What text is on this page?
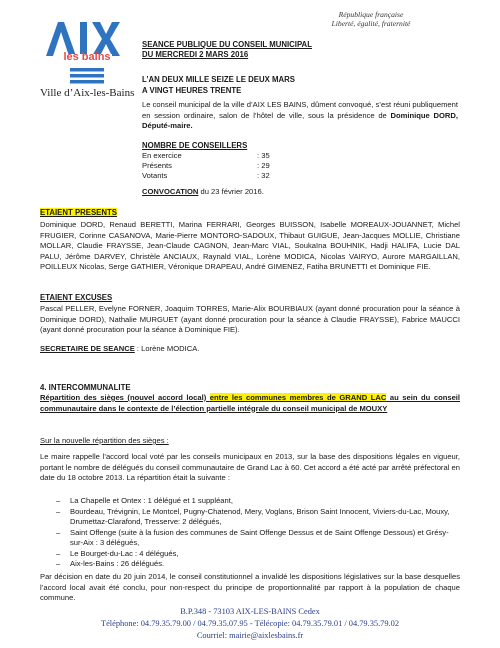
les bains
Ville d’Aix-les-Bains
République française
Liberté, égalité, fraternité
SEANCE PUBLIQUE DU CONSEIL MUNICIPAL
DU MERCREDI 2 MARS 2016
L’AN DEUX MILLE SEIZE LE DEUX MARS
A VINGT HEURES TRENTE
Le conseil municipal de la ville d’AIX LES BAINS, dûment convoqué, s’est réuni publiquement en session ordinaire, salon de l’hôtel de ville, sous la présidence de Dominique DORD, Député-maire.
NOMBRE DE CONSEILLERS
En exercice	: 35
Présents	: 29
Votants	: 32
CONVOCATION du 23 février 2016.
ETAIENT PRESENTS
Dominique DORD, Renaud BERETTI, Marina FERRARI, Georges BUISSON, Isabelle MOREAUX-JOUANNET, Michel FRUGIER, Corinne CASANOVA, Marie-Pierre MONTORO-SADOUX, Thibaut GUIGUE, Jean-Jacques MOLLIE, Christiane MOLLAR, Claudie FRAYSSE, Jean-Claude CAGNON, Jean-Marc VIAL, Soukaïna BOUHNIK, Hadji HALIFA, Lucie DAL PALU, Jérôme DARVEY, Christèle ANCIAUX, Raynald VIAL, Lorène MODICA, Nicolas VAIRYO, Aurore MARGAILLAN, POILLEUX Nicolas, Serge GATHIER, Véronique DRAPEAU, André GIMENEZ, Fatiha BRUNETTI et Dominique FIE.
ETAIENT EXCUSES
Pascal PELLER, Evelyne FORNER, Joaquim TORRES, Marie-Alix BOURBIAUX (ayant donné procuration pour la séance à Dominique DORD), Nathalie MURGUET (ayant donné procuration pour la séance à Claudie FRAYSSE), Fabrice MAUCCI (ayant donné procuration pour la séance à Dominique FIE).
SECRETAIRE DE SEANCE : Lorène MODICA.
4. INTERCOMMUNALITE
Répartition des sièges (nouvel accord local) entre les communes membres de GRAND LAC au sein du conseil communautaire dans le contexte de l’élection partielle intégrale du conseil municipal de MOUXY
Sur la nouvelle répartition des sièges :
Le maire rappelle l’accord local voté par les conseils municipaux en 2013, sur la base des dispositions légales en vigueur, portant le nombre de délégués du conseil communautaire de Grand Lac à 60. Cet accord a été acté par arrêté préfectoral en date du 18 octobre 2013. La répartition était la suivante :
– La Chapelle et Ontex : 1 délégué et 1 suppléant,
– Bourdeau, Trévignin, Le Montcel, Pugny-Chatenod, Mery, Voglans, Brison Saint Innocent, Viviers-du-Lac, Mouxy, Drumettaz-Clarafond, Tresserve: 2 délégués,
– Saint Offenge (suite à la fusion des communes de Saint Offenge Dessus et de Saint Offenge Dessous) et Grésy-sur-Aix : 3 délégués,
– Le Bourget-du-Lac : 4 délégués,
– Aix-les-Bains : 26 délégués.
Par décision en date du 20 juin 2014, le conseil constitutionnel a invalidé les dispositions législatives sur la base desquelles l’accord local avait été conclu, pour non-respect du principe de proportionnalité par rapport à la population de chaque commune.
B.P.348 - 73103 AIX-LES-BAINS Cedex
Téléphone: 04.79.35.79.00 / 04.79.35.07.95 - Télécopie: 04.79.35.79.01 / 04.79.35.79.02
Courriel: mairie@aixlesbains.fr
